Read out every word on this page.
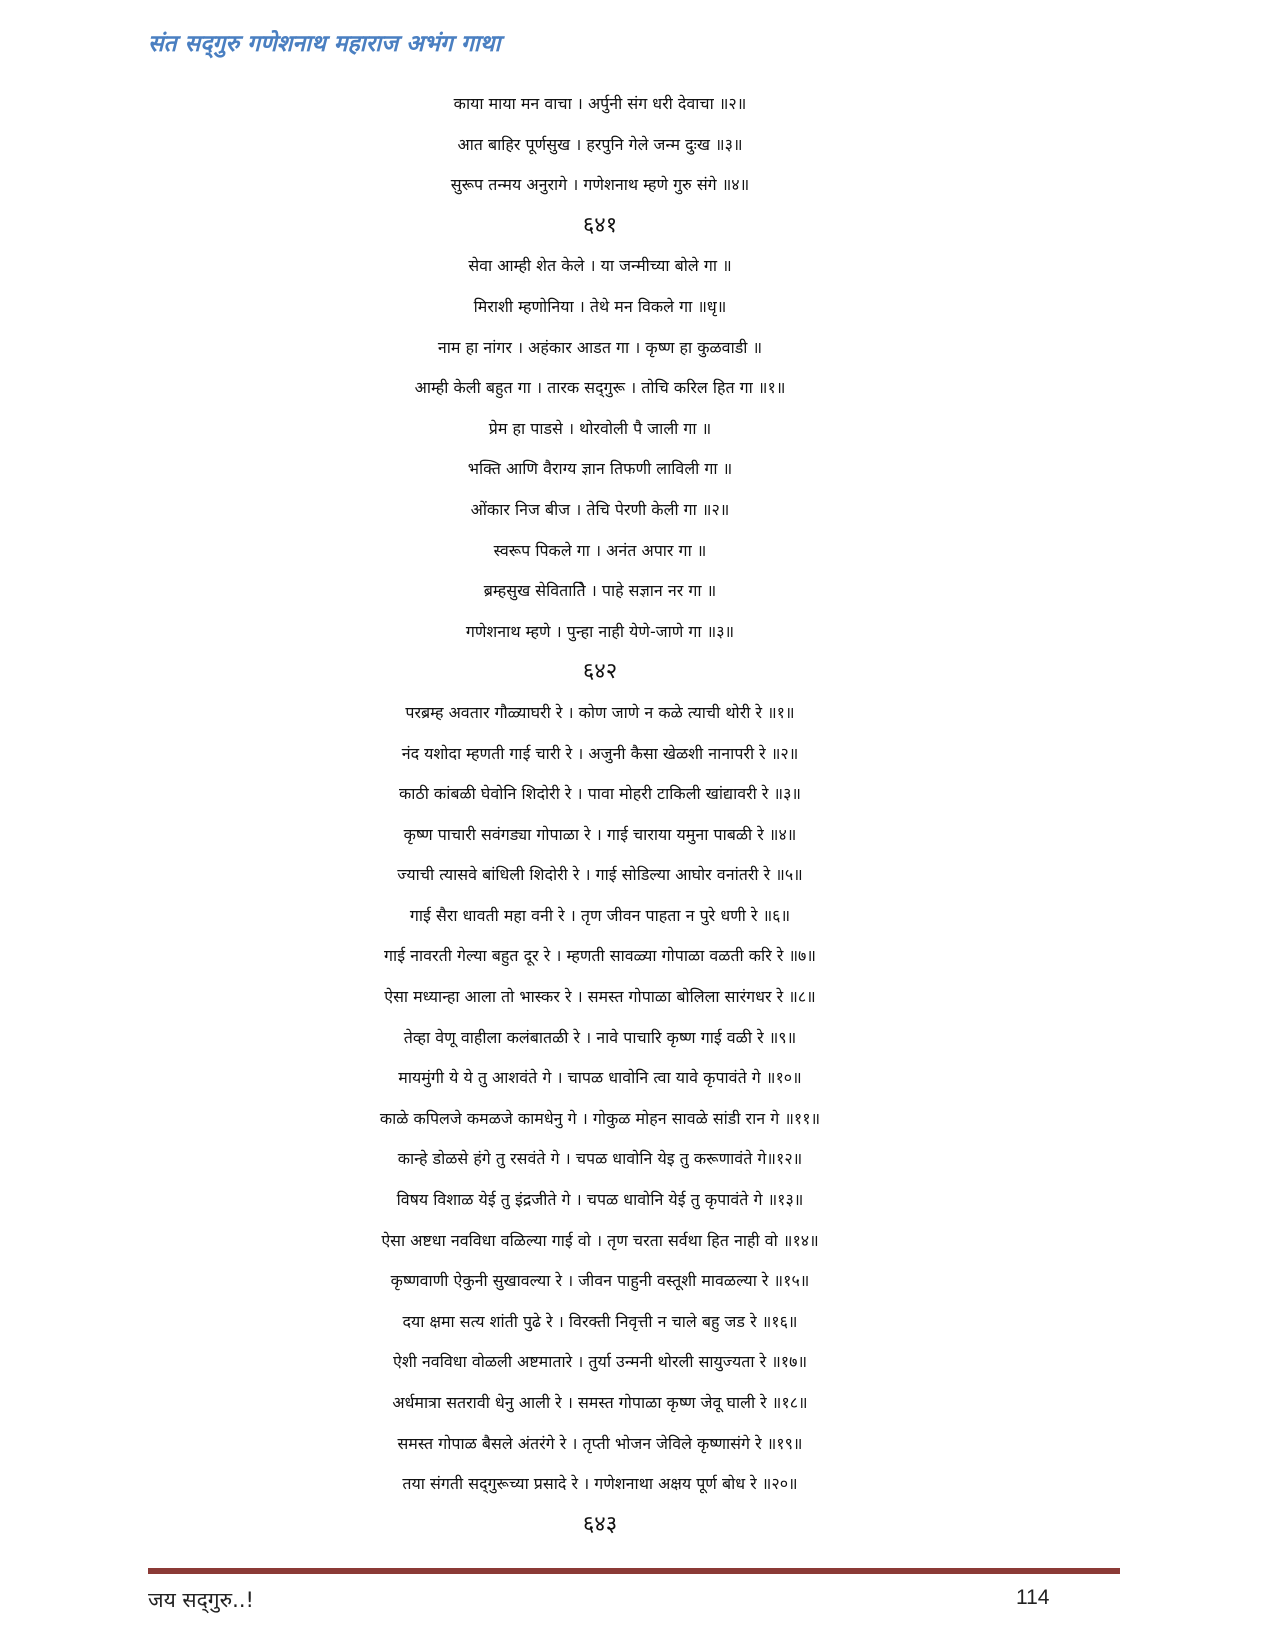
संत सद्‌गुरु गणेशनाथ महाराज अभंग गाथा
काया माया मन वाचा । अर्पुनी संग धरी देवाचा ॥२॥
आत बाहिर पूर्णसुख । हरपुनि गेले जन्म दुःख ॥३॥
सुरूप तन्मय अनुरागे । गणेशनाथ म्हणे गुरु संगे ॥४॥
६४१
सेवा आम्ही शेत केले । या जन्मीच्या बोले गा ॥
मिराशी म्हणोनिया । तेथे मन विकले गा ॥धृ॥
नाम हा नांगर । अहंकार आडत गा । कृष्ण हा कुळवाडी ॥
आम्ही केली बहुत गा । तारक सद्‌गुरू । तोचि करिल हित गा ॥१॥
प्रेम हा पाडसे । थोरवोली पै जाली गा ॥
भक्ति आणि वैराग्य ज्ञान तिफणी लाविली गा ॥
ओंकार निज बीज । तेचि पेरणी केली गा ॥२॥
स्वरूप पिकले गा । अनंत अपार गा ॥
ब्रम्हसुख सेवितातिे । पाहे सज्ञान नर गा ॥
गणेशनाथ म्हणे । पुन्हा नाही येणे-जाणे गा ॥३॥
६४२
परब्रम्ह अवतार गौळ्याघरी रे । कोण जाणे न कळे त्याची थोरी रे ॥१॥
नंद यशोदा म्हणती गाई चारी रे । अजुनी कैसा खेळशी नानापरी रे ॥२॥
काठी कांबळी घेवोनि शिदोरी रे । पावा मोहरी टाकिली खांद्यावरी रे ॥३॥
कृष्ण पाचारी सवंगड्या गोपाळा रे । गाई चाराया यमुना पाबळी रे ॥४॥
ज्याची त्यासवे बांधिली शिदोरी रे । गाई सोडिल्या आघोर वनांतरी रे ॥५॥
गाई सैरा धावती महा वनी रे । तृण जीवन पाहता न पुरे धणी रे ॥६॥
गाई नावरती गेल्या बहुत दूर रे । म्हणती सावळ्या गोपाळा वळती करि रे ॥७॥
ऐसा मध्यान्हा आला तो भास्कर रे । समस्त गोपाळा बोलिला सारंगधर रे ॥८॥
तेव्हा वेणू वाहीला कलंबातळी रे । नावे पाचारि कृष्ण गाई वळी रे ॥९॥
मायमुंगी ये ये तु आशवंते गे । चापळ धावोनि त्वा यावे कृपावंते गे ॥१०॥
काळे कपिलजे कमळजे कामधेनु गे । गोकुळ मोहन सावळे सांडी रान गे ॥११॥
कान्हे डोळसे हंगे तु रसवंते गे । चपळ धावोनि येइ तु करूणावंते गे॥१२॥
विषय विशाळ येई तु इंद्रजीते गे । चपळ धावोनि येई तु कृपावंते गे ॥१३॥
ऐसा अष्टधा नवविधा वळिल्या गाई वो । तृण चरता सर्वथा हित नाही वो ॥१४॥
कृष्णवाणी ऐकुनी सुखावल्या रे । जीवन पाहुनी वस्तूशी मावळल्या रे ॥१५॥
दया क्षमा सत्य शांती पुढे रे । विरक्ती निवृत्ती न चाले बहु जड रे ॥१६॥
ऐशी नवविधा वोळली अष्टमातारे । तुर्या उन्मनी थोरली सायुज्यता रे ॥१७॥
अर्धमात्रा सतरावी धेनु आली रे । समस्त गोपाळा कृष्ण जेवू घाली रे ॥१८॥
समस्त गोपाळ बैसले अंतरंगे रे । तृप्ती भोजन जेविले कृष्णासंगे रे ॥१९॥
तया संगती सद्‌गुरूच्या प्रसादे रे । गणेशनाथा अक्षय पूर्ण बोध रे ॥२०॥
६४३
जय सद्‌गुरु..!	114
